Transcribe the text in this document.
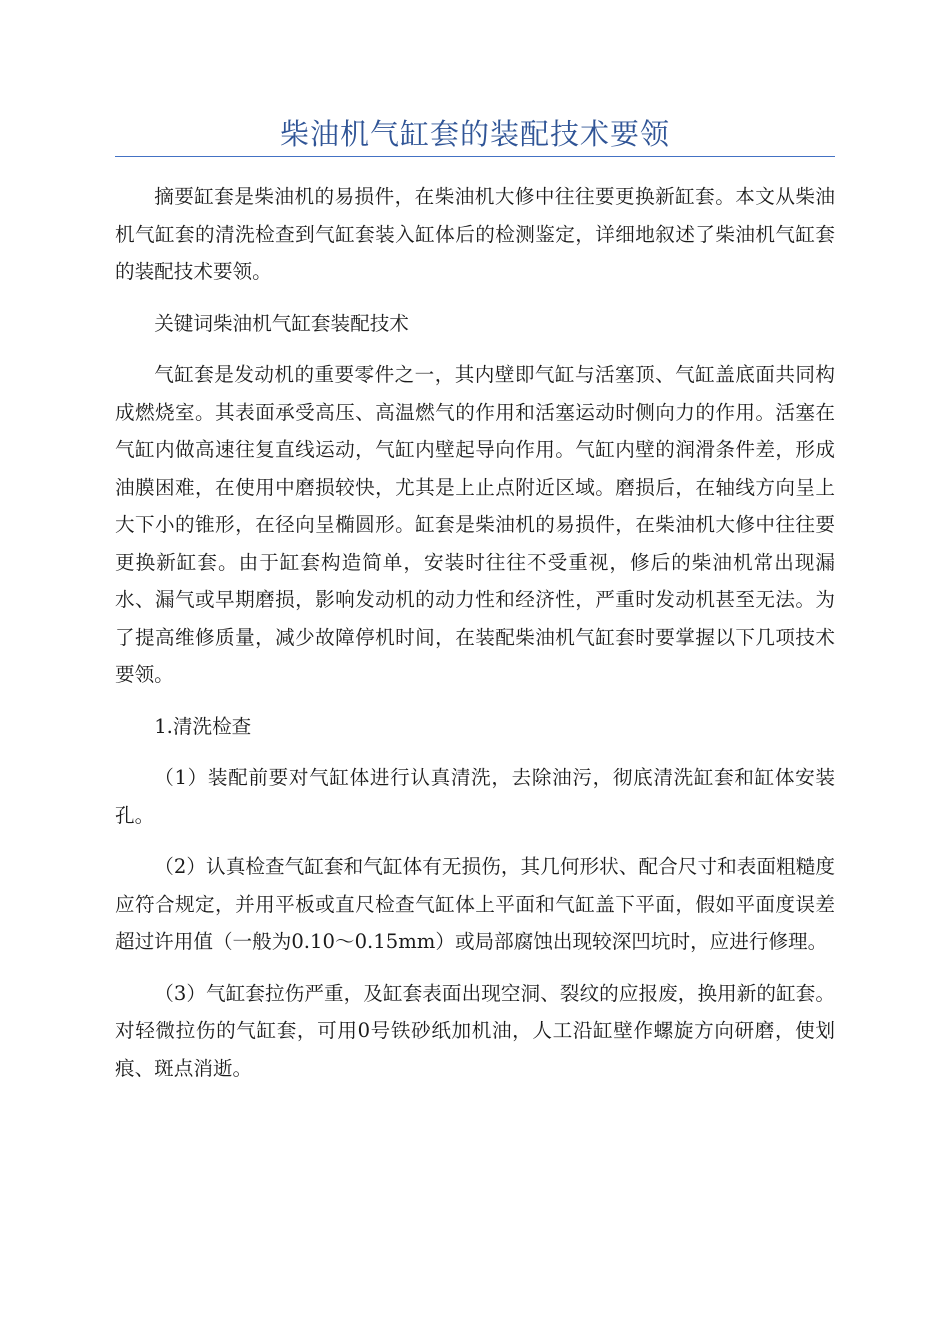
柴油机气缸套的装配技术要领

摘要缸套是柴油机的易损件，在柴油机大修中往往要更换新缸套。本文从柴油机气缸套的清洗检查到气缸套装入缸体后的检测鉴定，详细地叙述了柴油机气缸套的装配技术要领。

关键词柴油机气缸套装配技术

气缸套是发动机的重要零件之一，其内壁即气缸与活塞顶、气缸盖底面共同构成燃烧室。其表面承受高压、高温燃气的作用和活塞运动时侧向力的作用。活塞在气缸内做高速往复直线运动，气缸内壁起导向作用。气缸内壁的润滑条件差，形成油膜困难，在使用中磨损较快，尤其是上止点附近区域。磨损后，在轴线方向呈上大下小的锥形，在径向呈椭圆形。缸套是柴油机的易损件，在柴油机大修中往往要更换新缸套。由于缸套构造简单，安装时往往不受重视，修后的柴油机常出现漏水、漏气或早期磨损，影响发动机的动力性和经济性，严重时发动机甚至无法。为了提高维修质量，减少故障停机时间，在装配柴油机气缸套时要掌握以下几项技术要领。

1.清洗检查

（1）装配前要对气缸体进行认真清洗，去除油污，彻底清洗缸套和缸体安装孔。

（2）认真检查气缸套和气缸体有无损伤，其几何形状、配合尺寸和表面粗糙度应符合规定，并用平板或直尺检查气缸体上平面和气缸盖下平面，假如平面度误差超过许用值（一般为0.10～0.15mm）或局部腐蚀出现较深凹坑时，应进行修理。

（3）气缸套拉伤严重，及缸套表面出现空洞、裂纹的应报废，换用新的缸套。对轻微拉伤的气缸套，可用0号铁砂纸加机油，人工沿缸壁作螺旋方向研磨，使划痕、斑点消逝。
